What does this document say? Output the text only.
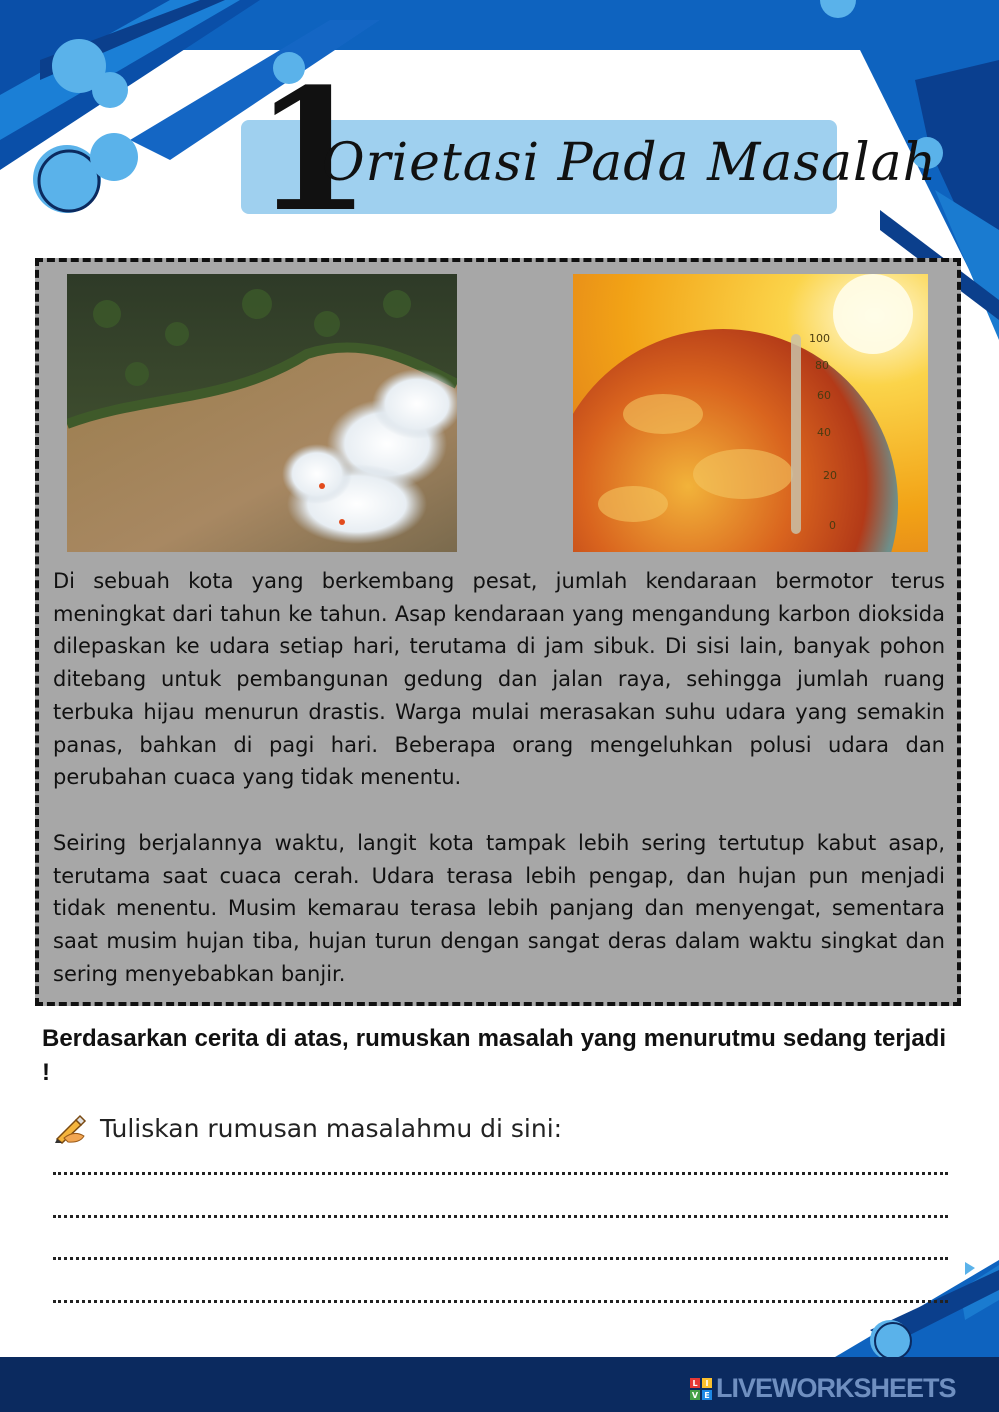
1
Orietasi Pada Masalah
100
80
60
40
20
0

Di sebuah kota yang berkembang pesat, jumlah kendaraan bermotor terus meningkat dari tahun ke tahun. Asap kendaraan yang mengandung karbon dioksida dilepaskan ke udara setiap hari, terutama di jam sibuk. Di sisi lain, banyak pohon ditebang untuk pembangunan gedung dan jalan raya, sehingga jumlah ruang terbuka hijau menurun drastis. Warga mulai merasakan suhu udara yang semakin panas, bahkan di pagi hari. Beberapa orang mengeluhkan polusi udara dan perubahan cuaca yang tidak menentu.

Seiring berjalannya waktu, langit kota tampak lebih sering tertutup kabut asap, terutama saat cuaca cerah. Udara terasa lebih pengap, dan hujan pun menjadi tidak menentu. Musim kemarau terasa lebih panjang dan menyengat, sementara saat musim hujan tiba, hujan turun dengan sangat deras dalam waktu singkat dan sering menyebabkan banjir.

Berdasarkan cerita di atas, rumuskan masalah yang menurutmu sedang terjadi !

Tuliskan rumusan masalahmu di sini:
L I
V E LIVEWORKSHEETS
